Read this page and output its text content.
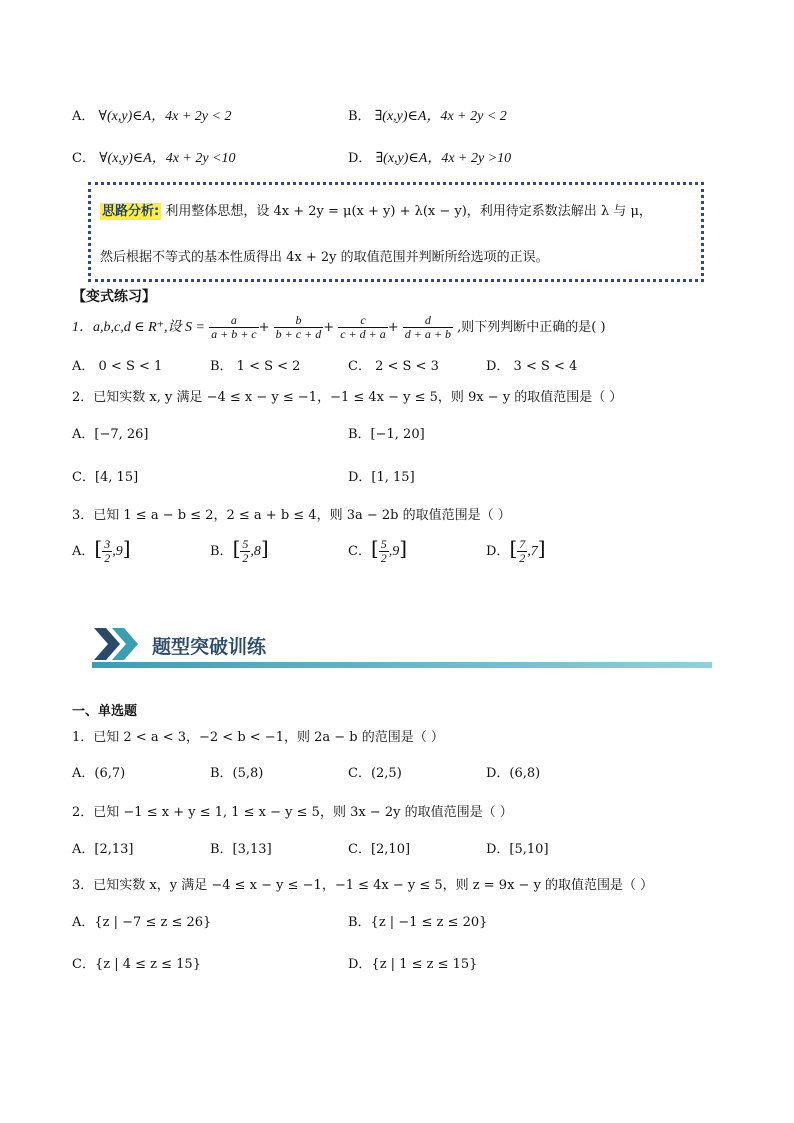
A． ∀(x,y)∈A，4x + 2y < 2	B． ∃(x,y)∈A，4x + 2y < 2
C． ∀(x,y)∈A，4x + 2y <10	D． ∃(x,y)∈A，4x + 2y >10
思路分析: 利用整体思想，设 4x + 2y = μ(x + y) + λ(x − y)，利用待定系数法解出 λ 与 μ，
然后根据不等式的基本性质得出 4x + 2y 的取值范围并判断所给选项的正误。
【变式练习】
1．a,b,c,d ∈ R⁺,设 $S = \frac{a}{a + b + c} + \frac{b}{b + c + d} + \frac{c}{c + d + a} + \frac{d}{d + a + b}$ ,则下列判断中正确的是( )
A． 0 < S < 1	B． 1 < S < 2	C． 2 < S < 3	D． 3 < S < 4
2．已知实数 x, y 满足 −4 ≤ x − y ≤ −1，−1 ≤ 4x − y ≤ 5，则 9x − y 的取值范围是（ ）
A．[−7, 26]	B．[−1, 20]
C．[4, 15]	D．[1, 15]
3．已知 1 ≤ a − b ≤ 2，2 ≤ a + b ≤ 4，则 3a − 2b 的取值范围是（ ）
A．[ $\frac{3}{2} ,9$]	B．[ $\frac{5}{2} ,8$]	C．[ $\frac{5}{2} ,9$]	D．[ $\frac{7}{2} ,7$]
题型突破训练
一、单选题
1．已知 2 < a < 3，−2 < b < −1，则 2a − b 的范围是（ ）
A．(6,7)	B．(5,8)	C．(2,5)	D．(6,8)
2．已知 −1 ≤ x + y ≤ 1, 1 ≤ x − y ≤ 5，则 3x − 2y 的取值范围是（ ）
A．[2,13]	B．[3,13]	C．[2,10]	D．[5,10]
3．已知实数 x，y 满足 −4 ≤ x − y ≤ −1，−1 ≤ 4x − y ≤ 5，则 z = 9x − y 的取值范围是（ ）
A．{z | −7 ≤ z ≤ 26}	B．{z | −1 ≤ z ≤ 20}
C．{z | 4 ≤ z ≤ 15}	D．{z | 1 ≤ z ≤ 15}
